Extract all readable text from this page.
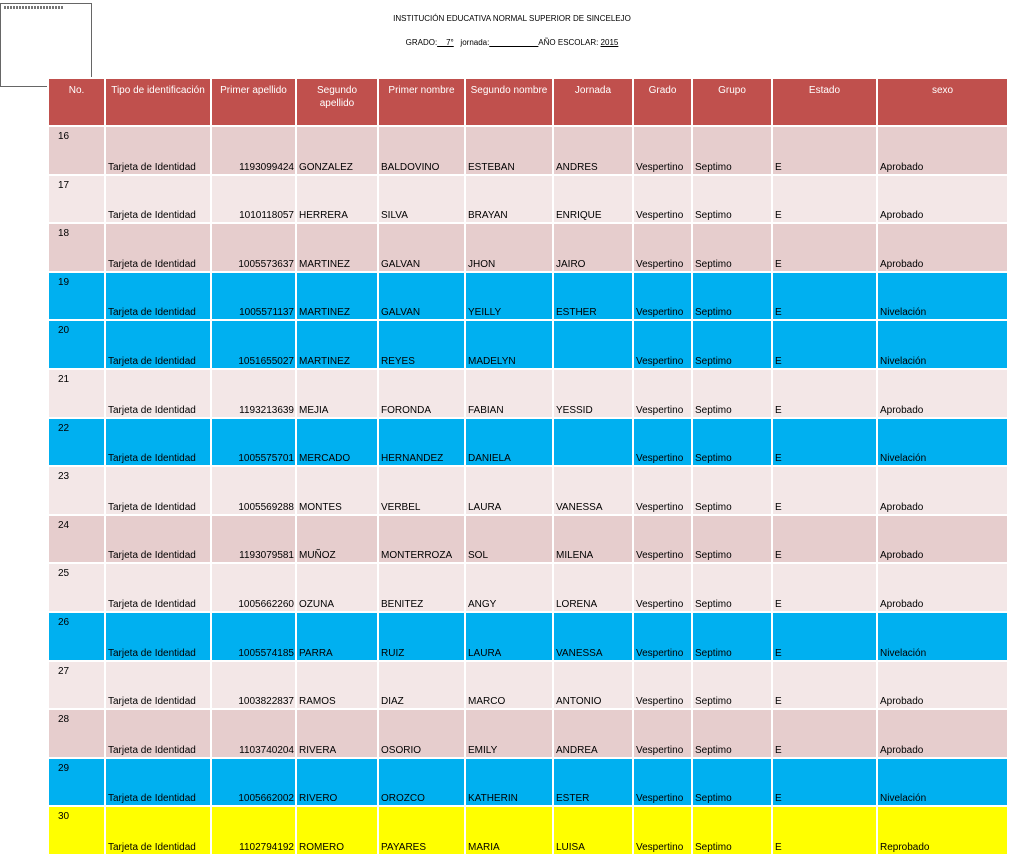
INSTITUCIÓN EDUCATIVA NORMAL SUPERIOR DE SINCELEJO
GRADO:__7° jornada:___________AÑO ESCOLAR: 2015
No.	Tipo de identificación	Primer apellido	Segundo apellido	Primer nombre	Segundo nombre	Jornada	Grado	Grupo	Estado	sexo
16	Tarjeta de Identidad	1193099424	GONZALEZ	BALDOVINO	ESTEBAN	ANDRES	Vespertino	Septimo	E	Aprobado
17	Tarjeta de Identidad	1010118057	HERRERA	SILVA	BRAYAN	ENRIQUE	Vespertino	Septimo	E	Aprobado
18	Tarjeta de Identidad	1005573637	MARTINEZ	GALVAN	JHON	JAIRO	Vespertino	Septimo	E	Aprobado
19	Tarjeta de Identidad	1005571137	MARTINEZ	GALVAN	YEILLY	ESTHER	Vespertino	Septimo	E	Nivelación
20	Tarjeta de Identidad	1051655027	MARTINEZ	REYES	MADELYN		Vespertino	Septimo	E	Nivelación
21	Tarjeta de Identidad	1193213639	MEJIA	FORONDA	FABIAN	YESSID	Vespertino	Septimo	E	Aprobado
22	Tarjeta de Identidad	1005575701	MERCADO	HERNANDEZ	DANIELA		Vespertino	Septimo	E	Nivelación
23	Tarjeta de Identidad	1005569288	MONTES	VERBEL	LAURA	VANESSA	Vespertino	Septimo	E	Aprobado
24	Tarjeta de Identidad	1193079581	MUÑOZ	MONTERROZA	SOL	MILENA	Vespertino	Septimo	E	Aprobado
25	Tarjeta de Identidad	1005662260	OZUNA	BENITEZ	ANGY	LORENA	Vespertino	Septimo	E	Aprobado
26	Tarjeta de Identidad	1005574185	PARRA	RUIZ	LAURA	VANESSA	Vespertino	Septimo	E	Nivelación
27	Tarjeta de Identidad	1003822837	RAMOS	DIAZ	MARCO	ANTONIO	Vespertino	Septimo	E	Aprobado
28	Tarjeta de Identidad	1103740204	RIVERA	OSORIO	EMILY	ANDREA	Vespertino	Septimo	E	Aprobado
29	Tarjeta de Identidad	1005662002	RIVERO	OROZCO	KATHERIN	ESTER	Vespertino	Septimo	E	Nivelación
30	Tarjeta de Identidad	1102794192	ROMERO	PAYARES	MARIA	LUISA	Vespertino	Septimo	E	Reprobado
